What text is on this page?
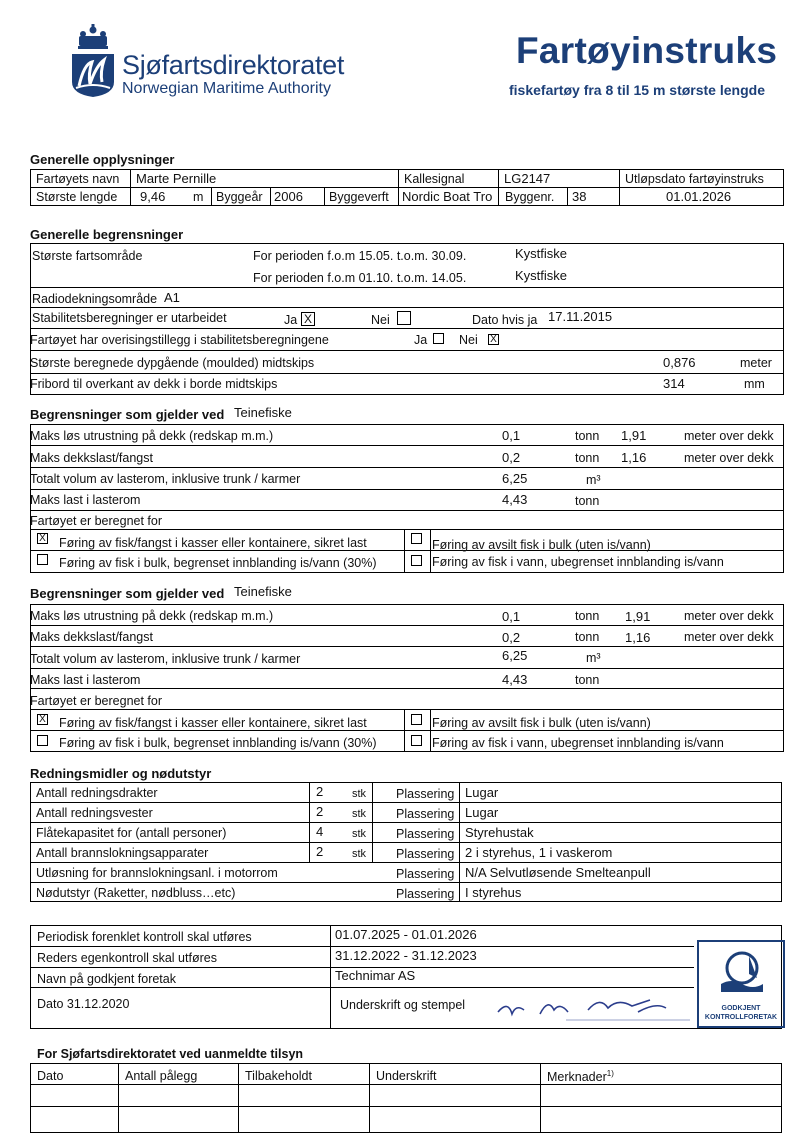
Sjøfartsdirektoratet
Norwegian Maritime Authority
Fartøyinstruks
fiskefartøy fra 8 til 15 m største lengde
Generelle opplysninger
Fartøyets navn Marte Pernille	Kallesignal	LG2147	Utløpsdato fartøyinstruks
Største lengde 9,46 m Byggeår 2006 Byggeverft Nordic Boat Tro	Byggenr. 38	01.01.2026
Generelle begrensninger
Største fartsområde	For perioden f.o.m 15.05. t.o.m. 30.09.	Kystfiske
For perioden f.o.m 01.10. t.o.m. 14.05.	Kystfiske
Radiodekningsområde A1
Stabilitetsberegninger er utarbeidet	Ja X	Nei	Dato hvis ja 17.11.2015
Fartøyet har overisingstillegg i stabilitetsberegningene	Ja	Nei X
Største beregnede dypgående (moulded) midtskips	0,876	meter
Fribord til overkant av dekk i borde midtskips	314	mm
Begrensninger som gjelder ved Teinefiske
Maks løs utrustning på dekk (redskap m.m.)	0,1	tonn 1,91	meter over dekk
Maks dekkslast/fangst	0,2	tonn 1,16	meter over dekk
Totalt volum av lasterom, inklusive trunk / karmer	6,25	m³
Maks last i lasterom	4,43	tonn
Fartøyet er beregnet for
X Føring av fisk/fangst i kasser eller kontainere, sikret last	Føring av avsilt fisk i bulk (uten is/vann)
Føring av fisk i bulk, begrenset innblanding is/vann (30%)	Føring av fisk i vann, ubegrenset innblanding is/vann
Begrensninger som gjelder ved Teinefiske
Maks løs utrustning på dekk (redskap m.m.)	0,1	tonn 1,91	meter over dekk
Maks dekkslast/fangst	0,2	tonn 1,16	meter over dekk
Totalt volum av lasterom, inklusive trunk / karmer	6,25	m³
Maks last i lasterom	4,43	tonn
Fartøyet er beregnet for
X Føring av fisk/fangst i kasser eller kontainere, sikret last	Føring av avsilt fisk i bulk (uten is/vann)
Føring av fisk i bulk, begrenset innblanding is/vann (30%)	Føring av fisk i vann, ubegrenset innblanding is/vann
Redningsmidler og nødutstyr
Antall redningsdrakter	2	stk Plassering Lugar
Antall redningsvester	2	stk Plassering Lugar
Flåtekapasitet for (antall personer)	4	stk Plassering Styrehustak
Antall brannslokningsapparater	2	stk Plassering 2 i styrehus, 1 i vaskerom
Utløsning for brannslokningsanl. i motorrom	Plassering N/A Selvutløsende Smelteanpull
Nødutstyr (Raketter, nødbluss…etc)	Plassering I styrehus
Periodisk forenklet kontroll skal utføres	01.07.2025 - 01.01.2026
Reders egenkontroll skal utføres	31.12.2022 - 31.12.2023
Navn på godkjent foretak	Technimar AS
Dato 31.12.2020	Underskrift og stempel	GODKJENT
KONTROLLFORETAK
For Sjøfartsdirektoratet ved uanmeldte tilsyn
Dato	Antall pålegg	Tilbakeholdt	Underskrift	Merknader$^{1)}$
